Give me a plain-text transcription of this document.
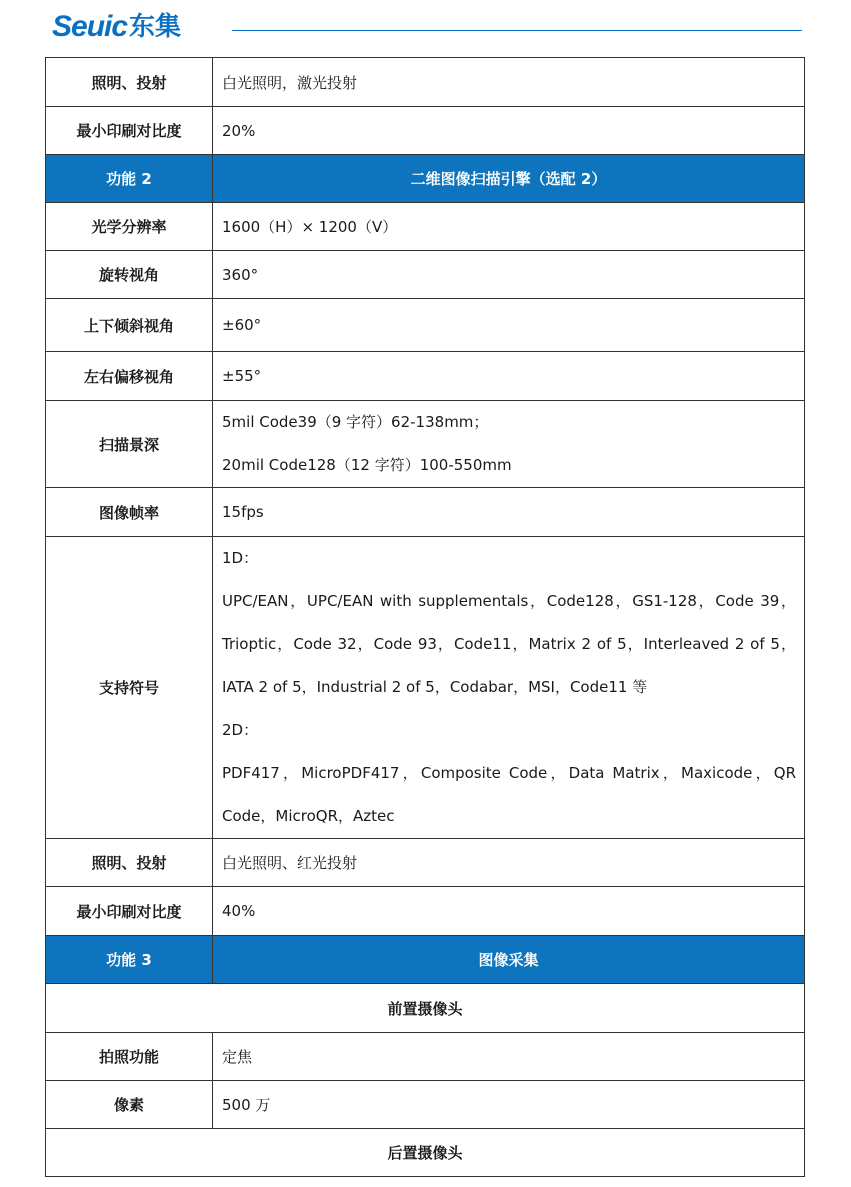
Seuic 东集
照明、投射	白光照明，激光投射
最小印刷对比度	20%
功能 2	二维图像扫描引擎（选配 2）
光学分辨率	1600（H）× 1200（V）
旋转视角	360°
上下倾斜视角	±60°
左右偏移视角	±55°
扫描景深	5mil Code39（9 字符）62-138mm；
20mil Code128（12 字符）100-550mm

图像帧率	15fps
支持符号	1D：
UPC/EAN，UPC/EAN with supplementals，Code128，GS1-128，Code 39，Trioptic，Code 32，Code 93，Code11，Matrix 2 of 5，Interleaved 2 of 5，IATA 2 of 5，Industrial 2 of 5，Codabar，MSI，Code11 等
2D：
PDF417，MicroPDF417，Composite Code，Data Matrix，Maxicode，QR Code，MicroQR，Aztec

照明、投射	白光照明、红光投射
最小印刷对比度	40%
功能 3	图像采集
前置摄像头	
拍照功能	定焦
像素	500 万
后置摄像头	
